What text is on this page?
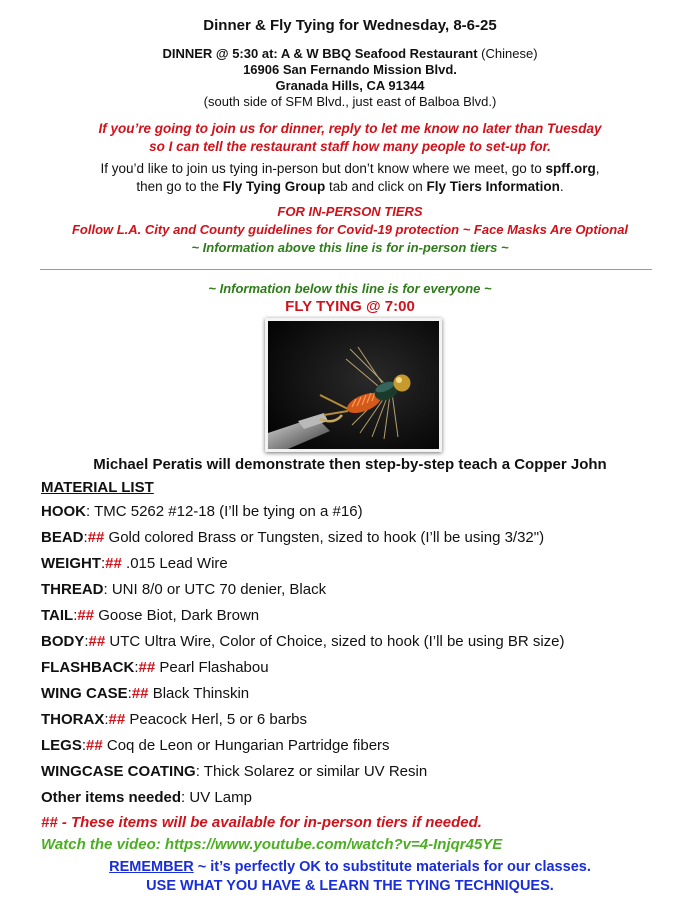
Dinner & Fly Tying for Wednesday, 8-6-25
DINNER @ 5:30 at: A & W BBQ Seafood Restaurant (Chinese)
16906 San Fernando Mission Blvd.
Granada Hills, CA 91344
(south side of SFM Blvd., just east of Balboa Blvd.)
If you’re going to join us for dinner, reply to let me know no later than Tuesday
so I can tell the restaurant staff how many people to set-up for.
If you’d like to join us tying in-person but don’t know where we meet, go to spff.org,
then go to the Fly Tying Group tab and click on Fly Tiers Information.
FOR IN-PERSON TIERS
Follow L.A. City and County guidelines for Covid-19 protection ~ Face Masks Are Optional
~ Information above this line is for in-person tiers ~
~ Information below this line is for everyone ~
FLY TYING @ 7:00
Michael Peratis will demonstrate then step-by-step teach a Copper John
MATERIAL LIST
HOOK: TMC 5262 #12-18 (I’ll be tying on a #16)
BEAD:## Gold colored Brass or Tungsten, sized to hook (I’ll be using 3/32")
WEIGHT:## .015 Lead Wire
THREAD: UNI 8/0 or UTC 70 denier, Black
TAIL:## Goose Biot, Dark Brown
BODY:## UTC Ultra Wire, Color of Choice, sized to hook (I’ll be using BR size)
FLASHBACK:## Pearl Flashabou
WING CASE:## Black Thinskin
THORAX:## Peacock Herl, 5 or 6 barbs
LEGS:## Coq de Leon or Hungarian Partridge fibers
WINGCASE COATING: Thick Solarez or similar UV Resin
Other items needed: UV Lamp
## - These items will be available for in-person tiers if needed.
Watch the video: https://www.youtube.com/watch?v=4-Injqr45YE
REMEMBER ~ it’s perfectly OK to substitute materials for our classes.
USE WHAT YOU HAVE & LEARN THE TYING TECHNIQUES.
